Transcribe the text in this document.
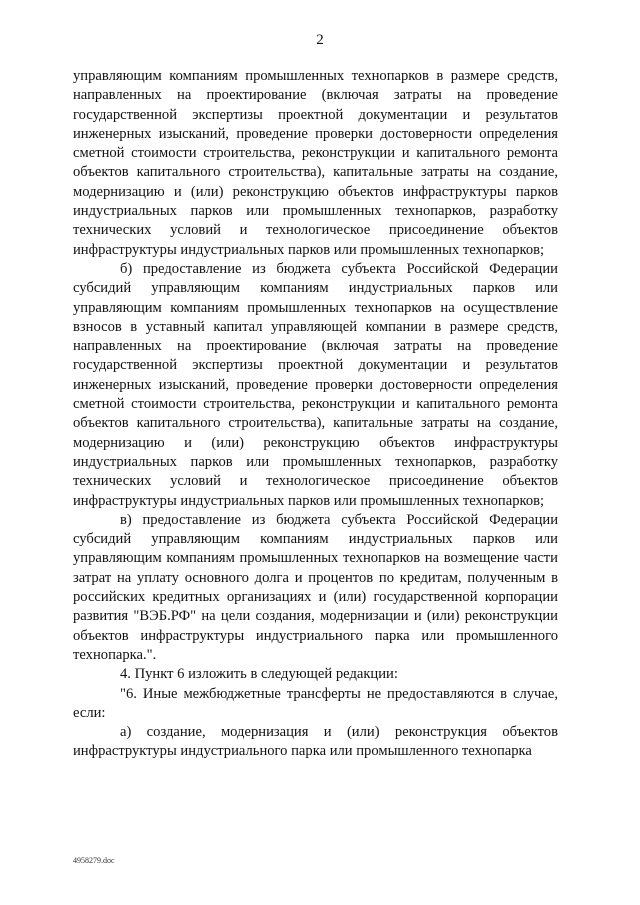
2

управляющим компаниям промышленных технопарков в размере средств, направленных на проектирование (включая затраты на проведение государственной экспертизы проектной документации и результатов инженерных изысканий, проведение проверки достоверности определения сметной стоимости строительства, реконструкции и капитального ремонта объектов капитального строительства), капитальные затраты на создание, модернизацию и (или) реконструкцию объектов инфраструктуры парков индустриальных парков или промышленных технопарков, разработку технических условий и технологическое присоединение объектов инфраструктуры индустриальных парков или промышленных технопарков;

б) предоставление из бюджета субъекта Российской Федерации субсидий управляющим компаниям индустриальных парков или управляющим компаниям промышленных технопарков на осуществление взносов в уставный капитал управляющей компании в размере средств, направленных на проектирование (включая затраты на проведение государственной экспертизы проектной документации и результатов инженерных изысканий, проведение проверки достоверности определения сметной стоимости строительства, реконструкции и капитального ремонта объектов капитального строительства), капитальные затраты на создание, модернизацию и (или) реконструкцию объектов инфраструктуры индустриальных парков или промышленных технопарков, разработку технических условий и технологическое присоединение объектов инфраструктуры индустриальных парков или промышленных технопарков;

в) предоставление из бюджета субъекта Российской Федерации субсидий управляющим компаниям индустриальных парков или управляющим компаниям промышленных технопарков на возмещение части затрат на уплату основного долга и процентов по кредитам, полученным в российских кредитных организациях и (или) государственной корпорации развития "ВЭБ.РФ" на цели создания, модернизации и (или) реконструкции объектов инфраструктуры индустриального парка или промышленного технопарка.".

4. Пункт 6 изложить в следующей редакции:

"6. Иные межбюджетные трансферты не предоставляются в случае, если:

а) создание, модернизация и (или) реконструкция объектов инфраструктуры индустриального парка или промышленного технопарка

4958279.doc
